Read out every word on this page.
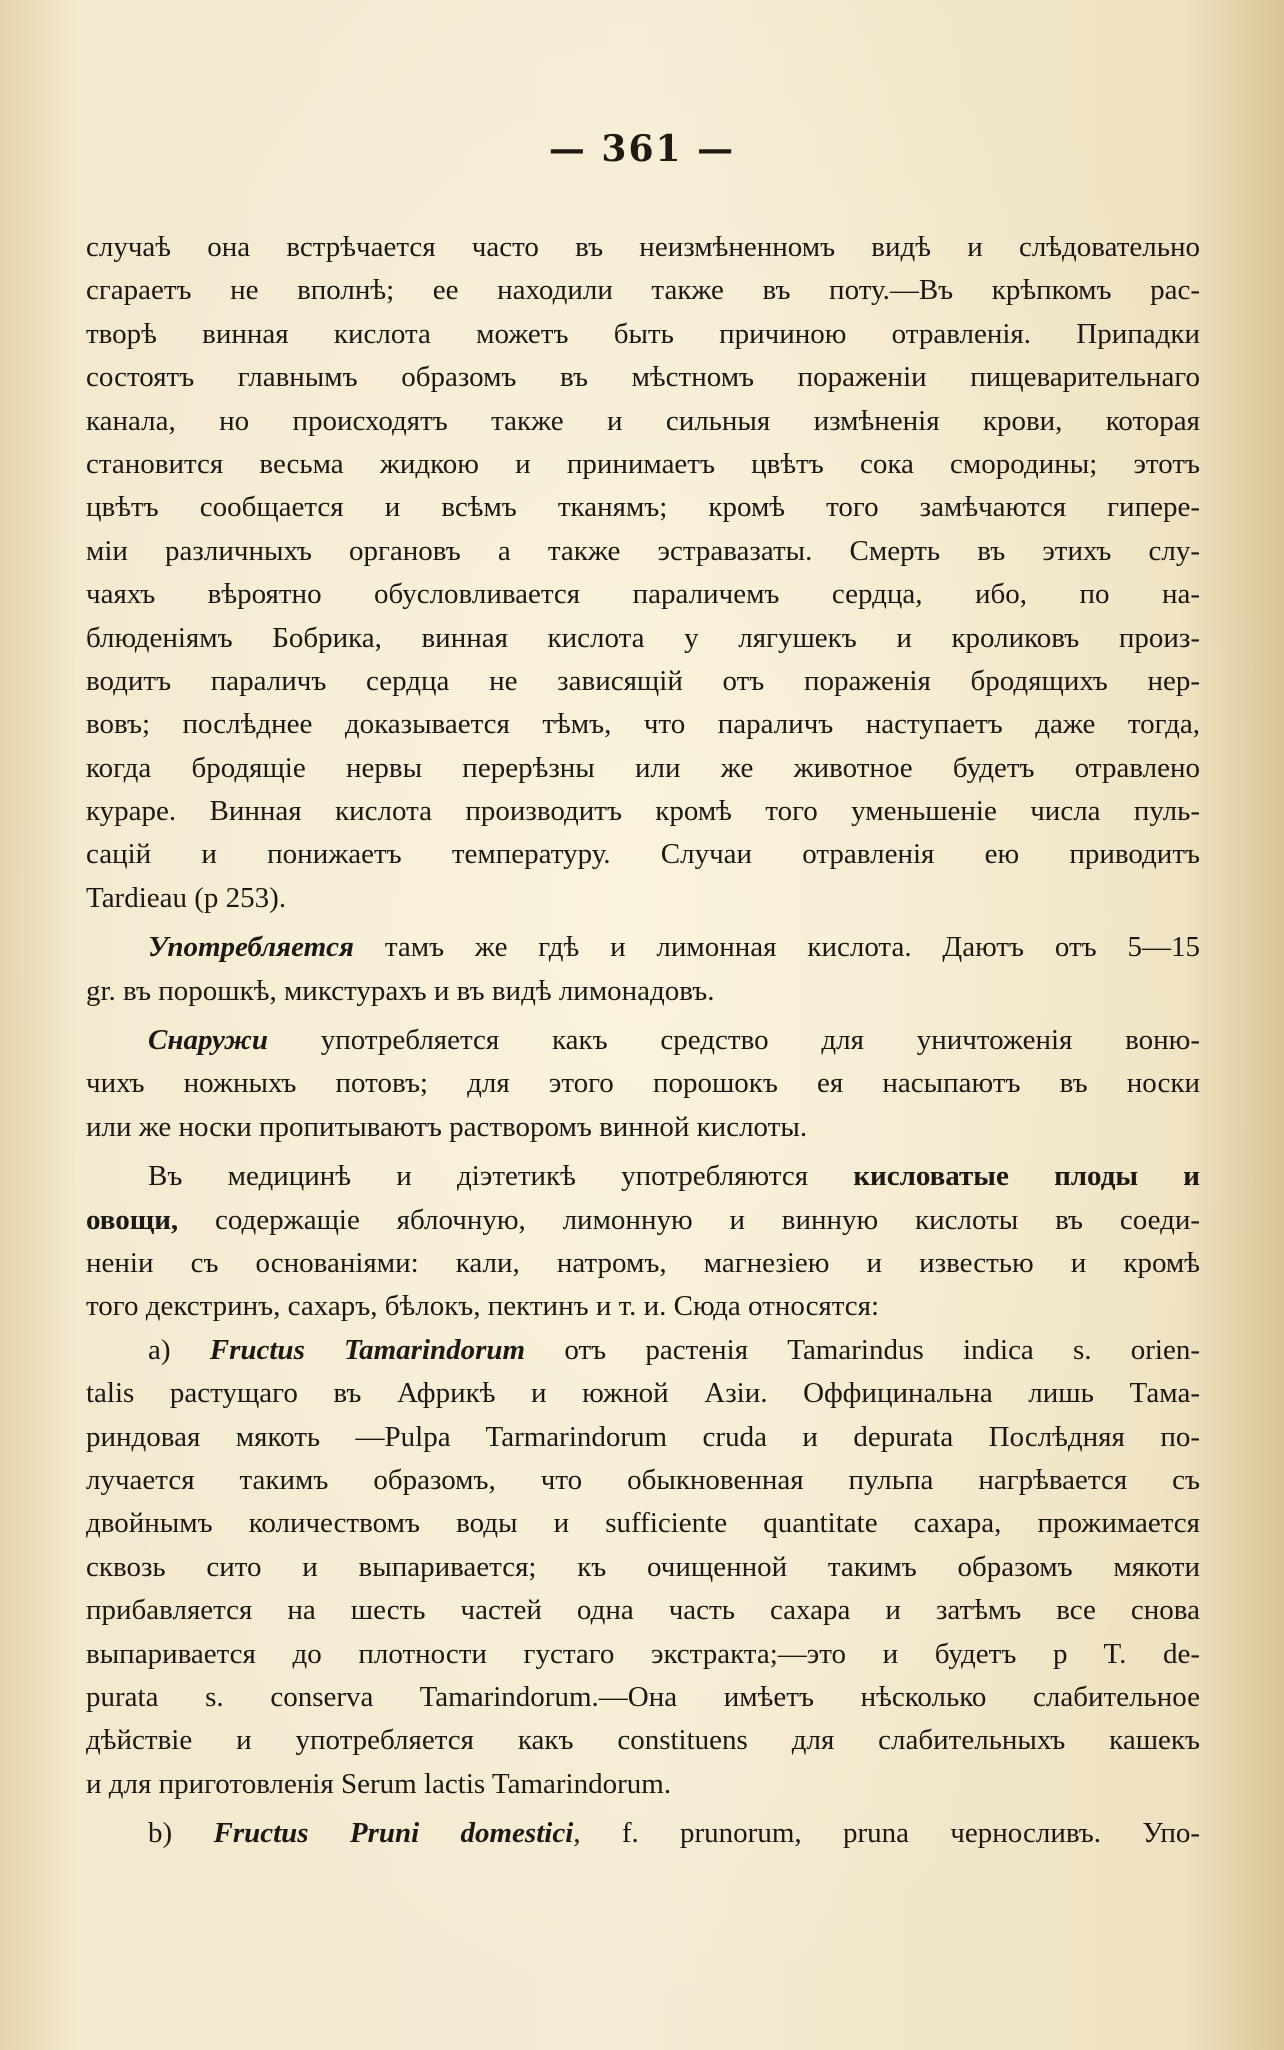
— 361 —
случаѣ она встрѣчается часто въ неизмѣненномъ видѣ и слѣдовательно
сгараетъ не вполнѣ; ее находили также въ поту.—Въ крѣпкомъ рас-
творѣ винная кислота можетъ быть причиною отравленія. Припадки
состоятъ главнымъ образомъ въ мѣстномъ пораженіи пищеварительнаго
канала, но происходятъ также и сильныя измѣненія крови, которая
становится весьма жидкою и принимаетъ цвѣтъ сока смородины; этотъ
цвѣтъ сообщается и всѣмъ тканямъ; кромѣ того замѣчаются гипере-
міи различныхъ органовъ а также эстравазаты. Смерть въ этихъ слу-
чаяхъ вѣроятно обусловливается параличемъ сердца, ибо, по на-
блюденіямъ Бобрика, винная кислота у лягушекъ и кроликовъ произ-
водитъ параличъ сердца не зависящій отъ пораженія бродящихъ нер-
вовъ; послѣднее доказывается тѣмъ, что параличъ наступаетъ даже тогда,
когда бродящіе нервы перерѣзны или же животное будетъ отравлено
кураре. Винная кислота производитъ кромѣ того уменьшеніе числа пуль-
сацій и понижаетъ температуру. Случаи отравленія ею приводитъ
Tardieau (p 253).
Употребляется тамъ же гдѣ и лимонная кислота. Даютъ отъ 5—15
gr. въ порошкѣ, микстурахъ и въ видѣ лимонадовъ.
Снаружи употребляется какъ средство для уничтоженія воню-
чихъ ножныхъ потовъ; для этого порошокъ ея насыпаютъ въ носки
или же носки пропитываютъ растворомъ винной кислоты.
Въ медицинѣ и діэтетикѣ употребляются кисловатые плоды и
овощи, содержащіе яблочную, лимонную и винную кислоты въ соеди-
неніи съ основаніями: кали, натромъ, магнезіею и известью и кромѣ
того декстринъ, сахаръ, бѣлокъ, пектинъ и т. и. Сюда относятся:
a) Fructus Tamarindorum отъ растенія Tamarindus indica s. orien-
talis растущаго въ Африкѣ и южной Азіи. Оффицинальна лишь Тама-
риндовая мякоть —Pulpa Tarmarindorum cruda и depurata Послѣдняя по-
лучается такимъ образомъ, что обыкновенная пульпа нагрѣвается съ
двойнымъ количествомъ воды и sufficiente quantitate сахара, прожимается
сквозь сито и выпаривается; къ очищенной такимъ образомъ мякоти
прибавляется на шесть частей одна часть сахара и затѣмъ все снова
выпаривается до плотности густаго экстракта;—это и будетъ p T. de-
purata s. conserva Tamarindorum.—Она имѣетъ нѣсколько слабительное
дѣйствіе и употребляется какъ constituens для слабительныхъ кашекъ
и для приготовленія Serum lactis Tamarindorum.
b) Fructus Pruni domestici, f. prunorum, pruna черносливъ. Упо-
